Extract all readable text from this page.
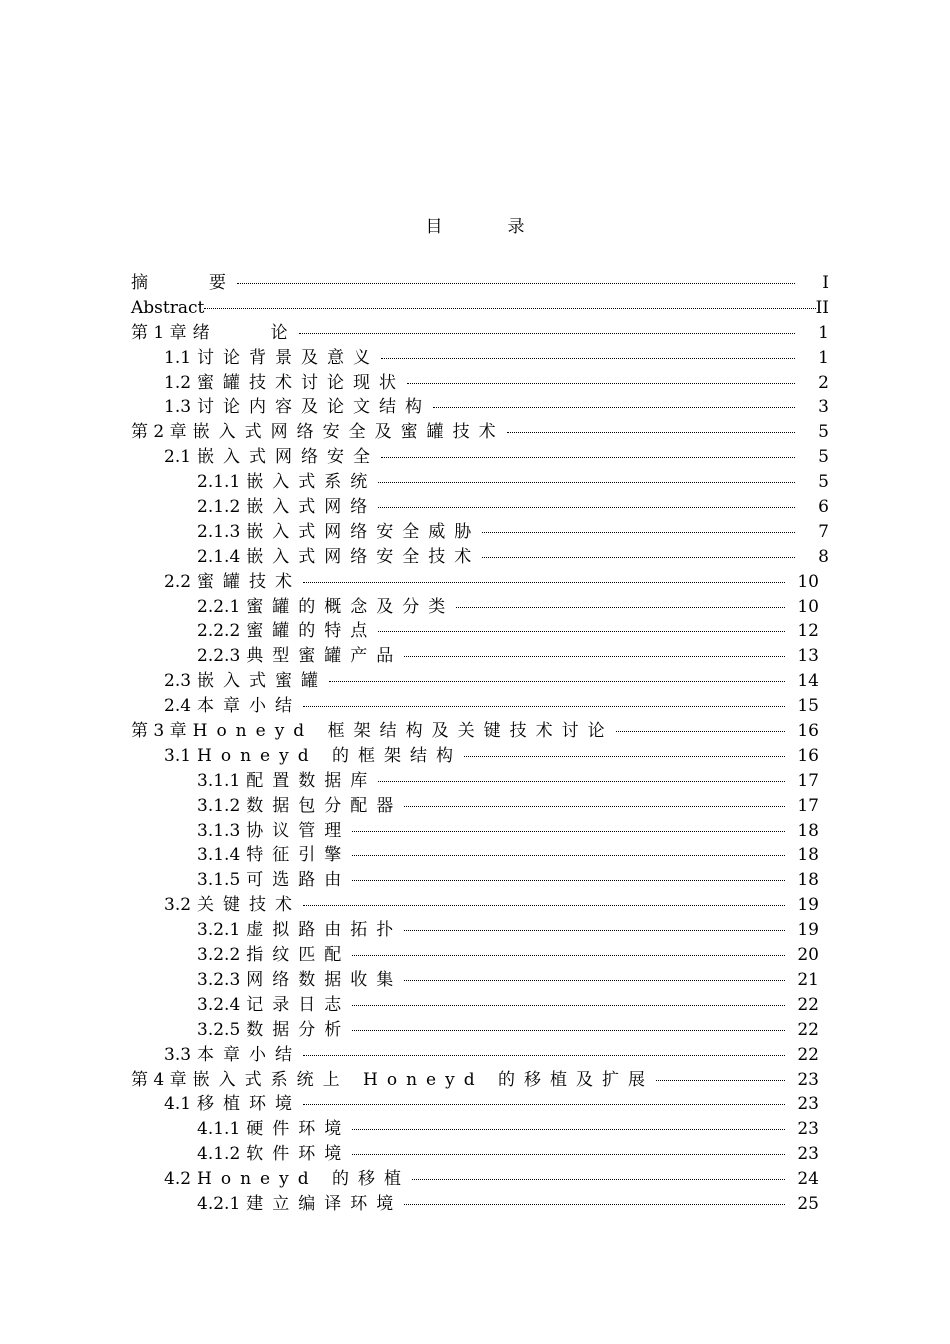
目　录
摘　　要	I
Abstract	II
第 1 章 绪　　论	1
1.1 讨论背景及意义	1
1.2 蜜罐技术讨论现状	2
1.3 讨论内容及论文结构	3
第 2 章 嵌入式网络安全及蜜罐技术	5
2.1 嵌入式网络安全	5
2.1.1 嵌入式系统	5
2.1.2 嵌入式网络	6
2.1.3 嵌入式网络安全威胁	7
2.1.4 嵌入式网络安全技术	8
2.2 蜜罐技术	10
2.2.1 蜜罐的概念及分类	10
2.2.2 蜜罐的特点	12
2.2.3 典型蜜罐产品	13
2.3 嵌入式蜜罐	14
2.4 本章小结	15
第 3 章 Honeyd 框架结构及关键技术讨论	16
3.1 Honeyd 的框架结构	16
3.1.1 配置数据库	17
3.1.2 数据包分配器	17
3.1.3 协议管理	18
3.1.4 特征引擎	18
3.1.5 可选路由	18
3.2 关键技术	19
3.2.1 虚拟路由拓扑	19
3.2.2 指纹匹配	20
3.2.3 网络数据收集	21
3.2.4 记录日志	22
3.2.5 数据分析	22
3.3 本章小结	22
第 4 章 嵌入式系统上 Honeyd 的移植及扩展	23
4.1 移植环境	23
4.1.1 硬件环境	23
4.1.2 软件环境	23
4.2 Honeyd 的移植	24
4.2.1 建立编译环境	25
